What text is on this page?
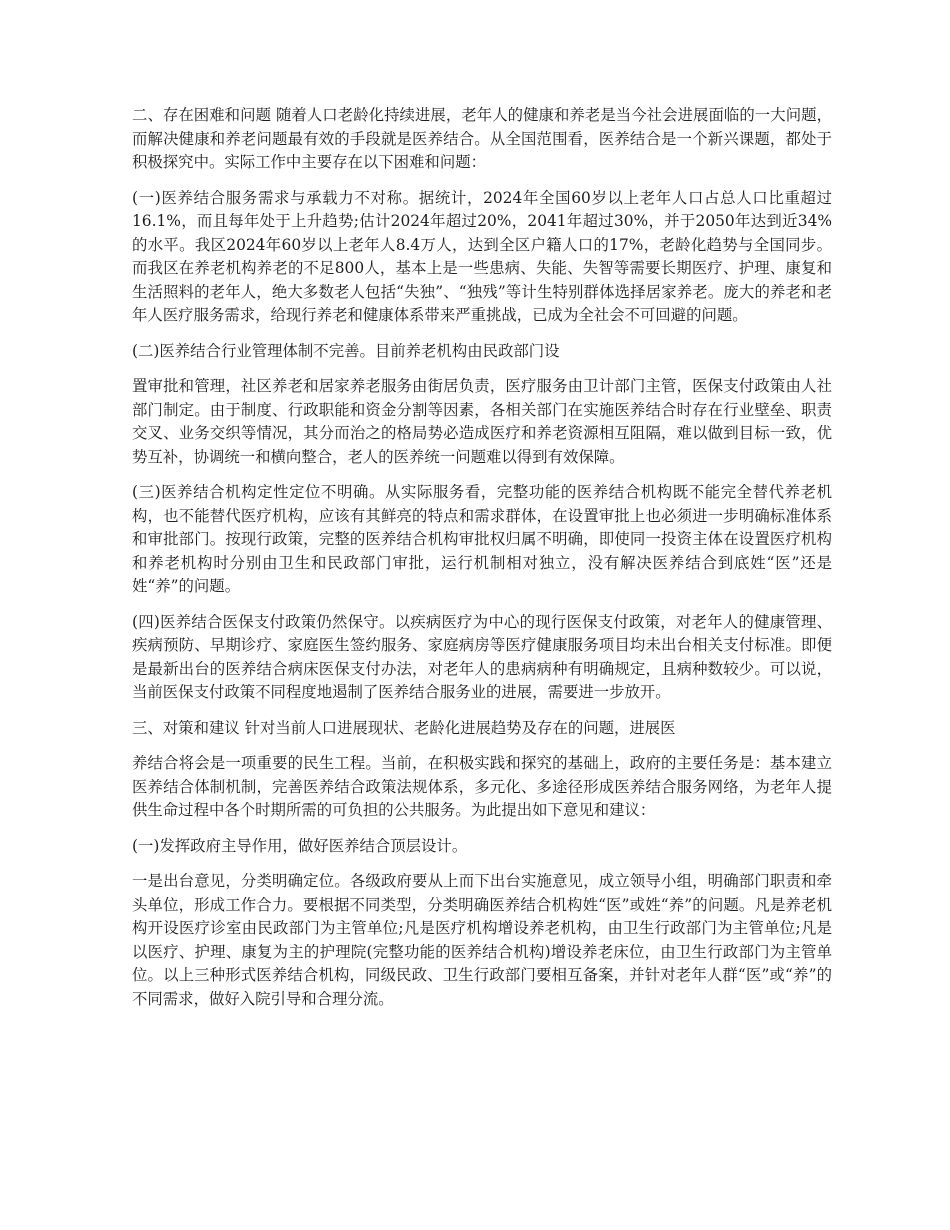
二、存在困难和问题 随着人口老龄化持续进展，老年人的健康和养老是当今社会进展面临的一大问题，而解决健康和养老问题最有效的手段就是医养结合。从全国范围看，医养结合是一个新兴课题，都处于积极探究中。实际工作中主要存在以下困难和问题：

(一)医养结合服务需求与承载力不对称。据统计，2024年全国60岁以上老年人口占总人口比重超过16.1%，而且每年处于上升趋势;估计2024年超过20%，2041年超过30%，并于2050年达到近34%的水平。我区2024年60岁以上老年人8.4万人，达到全区户籍人口的17%，老龄化趋势与全国同步。而我区在养老机构养老的不足800人，基本上是一些患病、失能、失智等需要长期医疗、护理、康复和生活照料的老年人，绝大多数老人包括“失独”、“独残”等计生特别群体选择居家养老。庞大的养老和老年人医疗服务需求，给现行养老和健康体系带来严重挑战，已成为全社会不可回避的问题。

(二)医养结合行业管理体制不完善。目前养老机构由民政部门设

置审批和管理，社区养老和居家养老服务由街居负责，医疗服务由卫计部门主管，医保支付政策由人社部门制定。由于制度、行政职能和资金分割等因素，各相关部门在实施医养结合时存在行业壁垒、职责交叉、业务交织等情况，其分而治之的格局势必造成医疗和养老资源相互阻隔，难以做到目标一致，优势互补，协调统一和横向整合，老人的医养统一问题难以得到有效保障。

(三)医养结合机构定性定位不明确。从实际服务看，完整功能的医养结合机构既不能完全替代养老机构，也不能替代医疗机构，应该有其鲜亮的特点和需求群体，在设置审批上也必须进一步明确标准体系和审批部门。按现行政策，完整的医养结合机构审批权归属不明确，即使同一投资主体在设置医疗机构和养老机构时分别由卫生和民政部门审批，运行机制相对独立，没有解决医养结合到底姓“医”还是姓“养”的问题。

(四)医养结合医保支付政策仍然保守。以疾病医疗为中心的现行医保支付政策，对老年人的健康管理、疾病预防、早期诊疗、家庭医生签约服务、家庭病房等医疗健康服务项目均未出台相关支付标准。即便是最新出台的医养结合病床医保支付办法，对老年人的患病病种有明确规定，且病种数较少。可以说，当前医保支付政策不同程度地遏制了医养结合服务业的进展，需要进一步放开。

三、对策和建议 针对当前人口进展现状、老龄化进展趋势及存在的问题，进展医

养结合将会是一项重要的民生工程。当前，在积极实践和探究的基础上，政府的主要任务是：基本建立医养结合体制机制，完善医养结合政策法规体系，多元化、多途径形成医养结合服务网络，为老年人提供生命过程中各个时期所需的可负担的公共服务。为此提出如下意见和建议：

(一)发挥政府主导作用，做好医养结合顶层设计。

一是出台意见，分类明确定位。各级政府要从上而下出台实施意见，成立领导小组，明确部门职责和牵头单位，形成工作合力。要根据不同类型，分类明确医养结合机构姓“医”或姓“养”的问题。凡是养老机构开设医疗诊室由民政部门为主管单位;凡是医疗机构增设养老机构，由卫生行政部门为主管单位;凡是以医疗、护理、康复为主的护理院(完整功能的医养结合机构)增设养老床位，由卫生行政部门为主管单位。以上三种形式医养结合机构，同级民政、卫生行政部门要相互备案，并针对老年人群“医”或“养”的不同需求，做好入院引导和合理分流。
